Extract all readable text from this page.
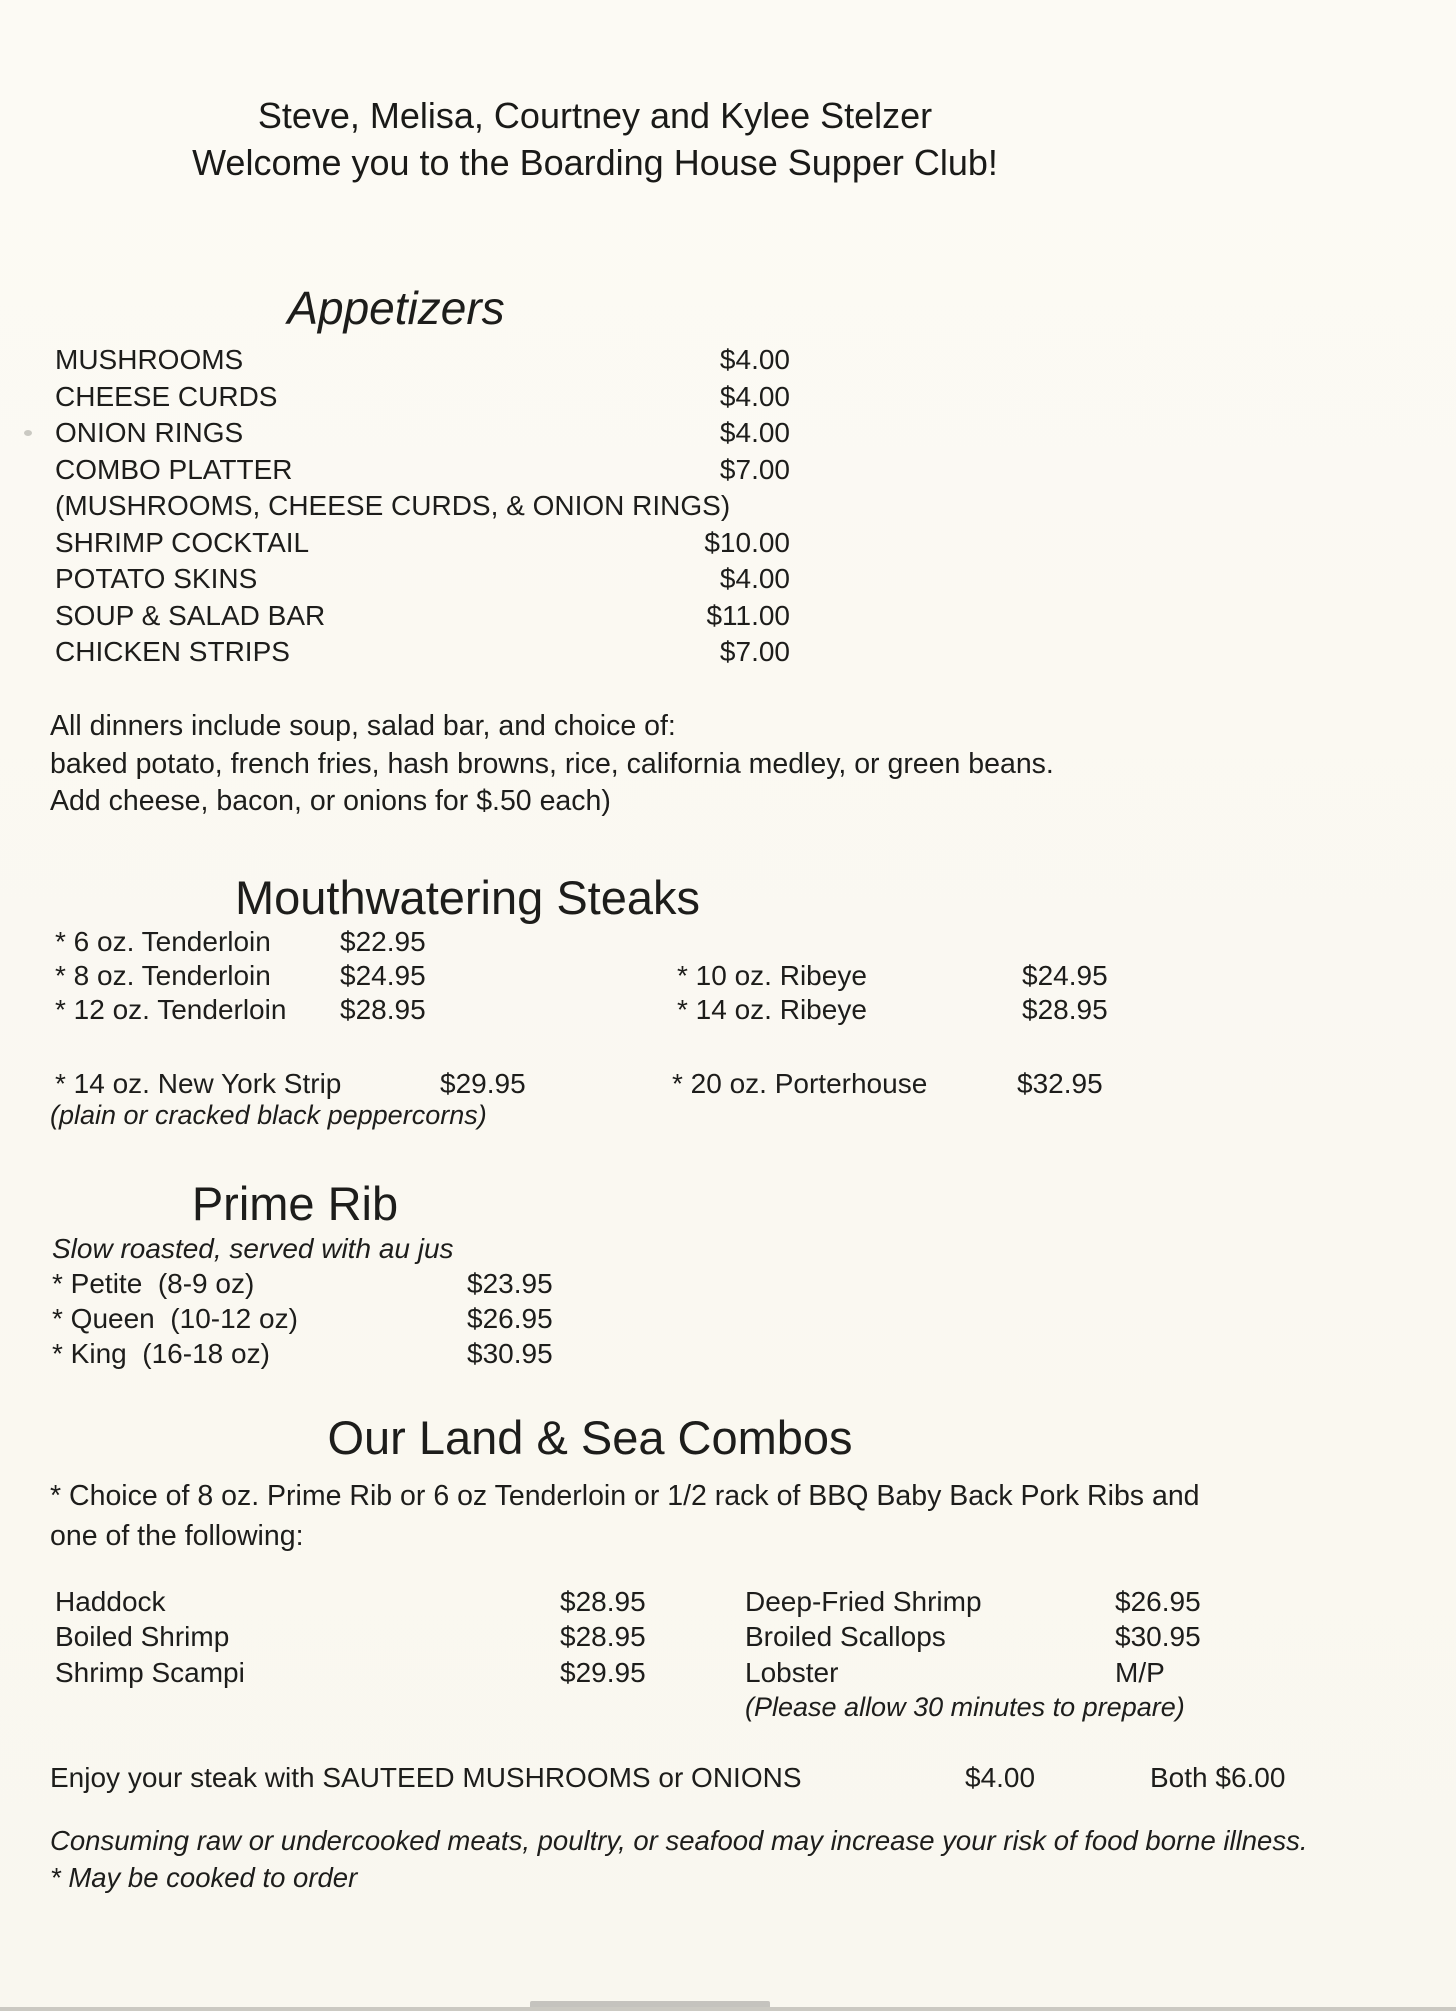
Steve, Melisa, Courtney and Kylee Stelzer
Welcome you to the Boarding House Supper Club!
Appetizers
MUSHROOMS	$4.00
CHEESE CURDS	$4.00
ONION RINGS	$4.00
COMBO PLATTER	$7.00
(MUSHROOMS, CHEESE CURDS, & ONION RINGS)
SHRIMP COCKTAIL	$10.00
POTATO SKINS	$4.00
SOUP & SALAD BAR	$11.00
CHICKEN STRIPS	$7.00
All dinners include soup, salad bar, and choice of:
baked potato, french fries, hash browns, rice, california medley, or green beans.
Add cheese, bacon, or onions for $.50 each)
Mouthwatering Steaks
* 6 oz. Tenderloin	$22.95
* 8 oz. Tenderloin	$24.95	* 10 oz. Ribeye	$24.95
* 12 oz. Tenderloin	$28.95	* 14 oz. Ribeye	$28.95
* 14 oz. New York Strip	$29.95	* 20 oz. Porterhouse	$32.95
(plain or cracked black peppercorns)
Prime Rib
Slow roasted, served with au jus
* Petite  (8-9 oz)	$23.95
* Queen  (10-12 oz)	$26.95
* King  (16-18 oz)	$30.95
Our Land & Sea Combos
* Choice of 8 oz. Prime Rib or 6 oz Tenderloin or 1/2 rack of BBQ Baby Back Pork Ribs and
one of the following:
Haddock	$28.95	Deep-Fried Shrimp	$26.95
Boiled Shrimp	$28.95	Broiled Scallops	$30.95
Shrimp Scampi	$29.95	Lobster	M/P
(Please allow 30 minutes to prepare)
Enjoy your steak with SAUTEED MUSHROOMS or ONIONS	$4.00	Both $6.00
Consuming raw or undercooked meats, poultry, or seafood may increase your risk of food borne illness.
* May be cooked to order
